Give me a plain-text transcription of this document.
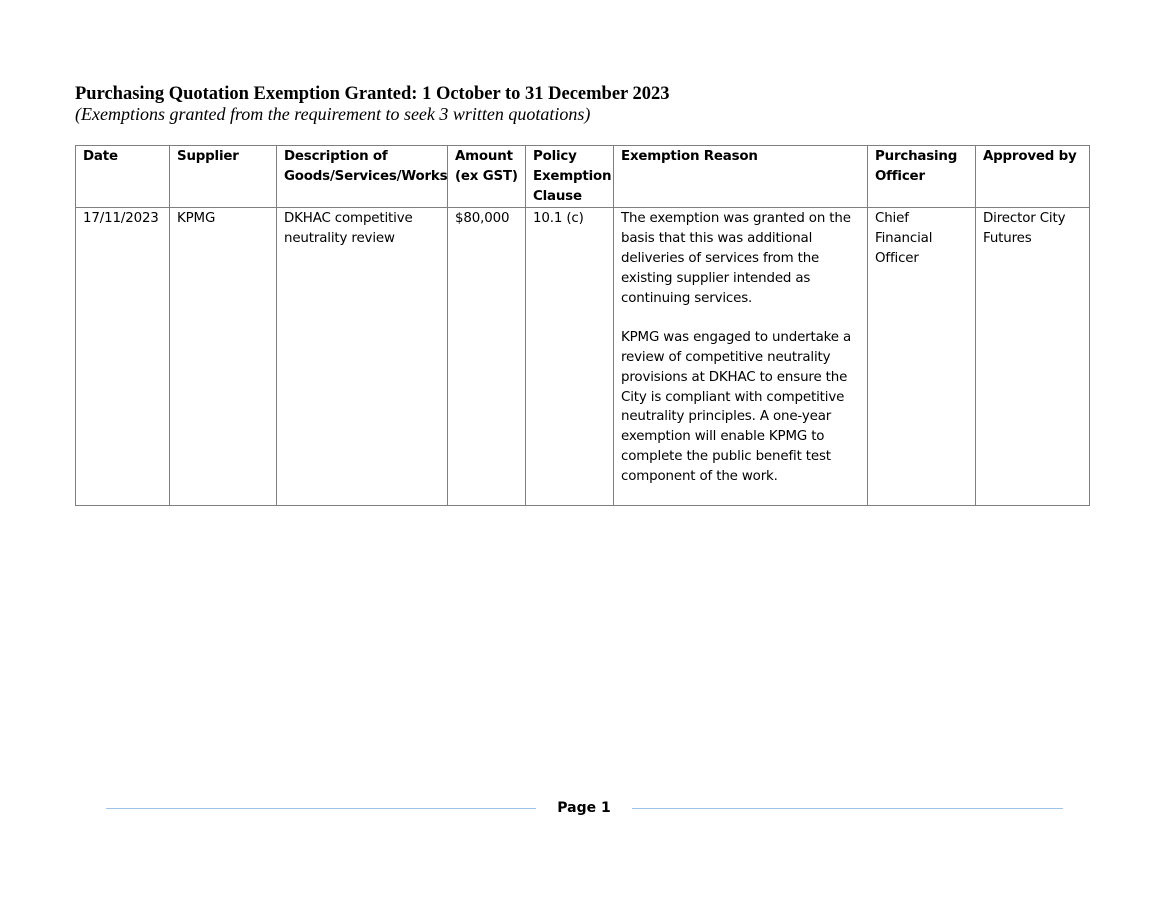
Purchasing Quotation Exemption Granted: 1 October to 31 December 2023
(Exemptions granted from the requirement to seek 3 written quotations)
Date	Supplier	Description of Goods/Services/Works	Amount (ex GST)	Policy Exemption Clause	Exemption Reason	Purchasing Officer	Approved by
17/11/2023	KPMG	DKHAC competitive neutrality review	$80,000	10.1 (c)	The exemption was granted on the basis that this was additional deliveries of services from the existing supplier intended as continuing services.
KPMG was engaged to undertake a review of competitive neutrality provisions at DKHAC to ensure the City is compliant with competitive neutrality principles. A one-year exemption will enable KPMG to complete the public benefit test component of the work.	Chief Financial Officer	Director City Futures
Page 1
